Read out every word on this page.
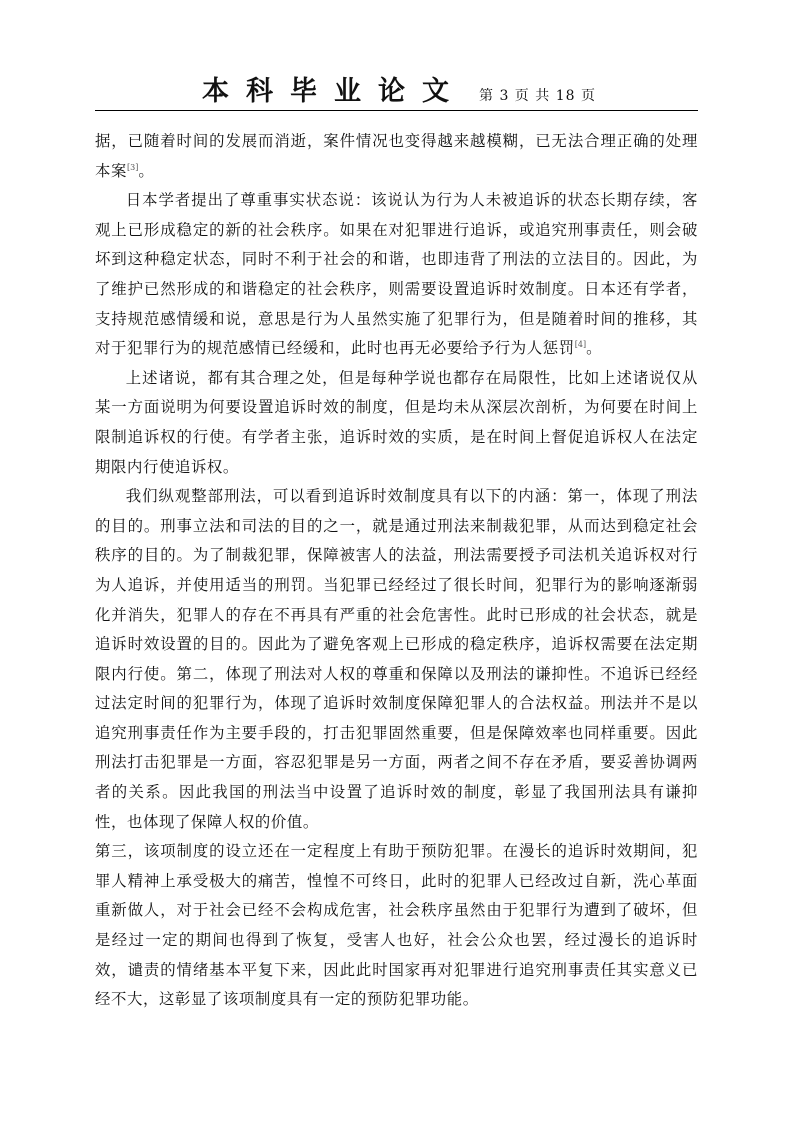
本科毕业论文 第 3 页 共 18 页

据，已随着时间的发展而消逝，案件情况也变得越来越模糊，已无法合理正确的处理本案[3]。

日本学者提出了尊重事实状态说：该说认为行为人未被追诉的状态长期存续，客观上已形成稳定的新的社会秩序。如果在对犯罪进行追诉，或追究刑事责任，则会破坏到这种稳定状态，同时不利于社会的和谐，也即违背了刑法的立法目的。因此，为了维护已然形成的和谐稳定的社会秩序，则需要设置追诉时效制度。日本还有学者，支持规范感情缓和说，意思是行为人虽然实施了犯罪行为，但是随着时间的推移，其对于犯罪行为的规范感情已经缓和，此时也再无必要给予行为人惩罚[4]。

上述诸说，都有其合理之处，但是每种学说也都存在局限性，比如上述诸说仅从某一方面说明为何要设置追诉时效的制度，但是均未从深层次剖析，为何要在时间上限制追诉权的行使。有学者主张，追诉时效的实质，是在时间上督促追诉权人在法定期限内行使追诉权。

我们纵观整部刑法，可以看到追诉时效制度具有以下的内涵：第一，体现了刑法的目的。刑事立法和司法的目的之一，就是通过刑法来制裁犯罪，从而达到稳定社会秩序的目的。为了制裁犯罪，保障被害人的法益，刑法需要授予司法机关追诉权对行为人追诉，并使用适当的刑罚。当犯罪已经经过了很长时间，犯罪行为的影响逐渐弱化并消失，犯罪人的存在不再具有严重的社会危害性。此时已形成的社会状态，就是追诉时效设置的目的。因此为了避免客观上已形成的稳定秩序，追诉权需要在法定期限内行使。第二，体现了刑法对人权的尊重和保障以及刑法的谦抑性。不追诉已经经过法定时间的犯罪行为，体现了追诉时效制度保障犯罪人的合法权益。刑法并不是以追究刑事责任作为主要手段的，打击犯罪固然重要，但是保障效率也同样重要。因此刑法打击犯罪是一方面，容忍犯罪是另一方面，两者之间不存在矛盾，要妥善协调两者的关系。因此我国的刑法当中设置了追诉时效的制度，彰显了我国刑法具有谦抑性，也体现了保障人权的价值。

第三，该项制度的设立还在一定程度上有助于预防犯罪。在漫长的追诉时效期间，犯罪人精神上承受极大的痛苦，惶惶不可终日，此时的犯罪人已经改过自新，洗心革面重新做人，对于社会已经不会构成危害，社会秩序虽然由于犯罪行为遭到了破坏，但是经过一定的期间也得到了恢复，受害人也好，社会公众也罢，经过漫长的追诉时效，谴责的情绪基本平复下来，因此此时国家再对犯罪进行追究刑事责任其实意义已经不大，这彰显了该项制度具有一定的预防犯罪功能。
